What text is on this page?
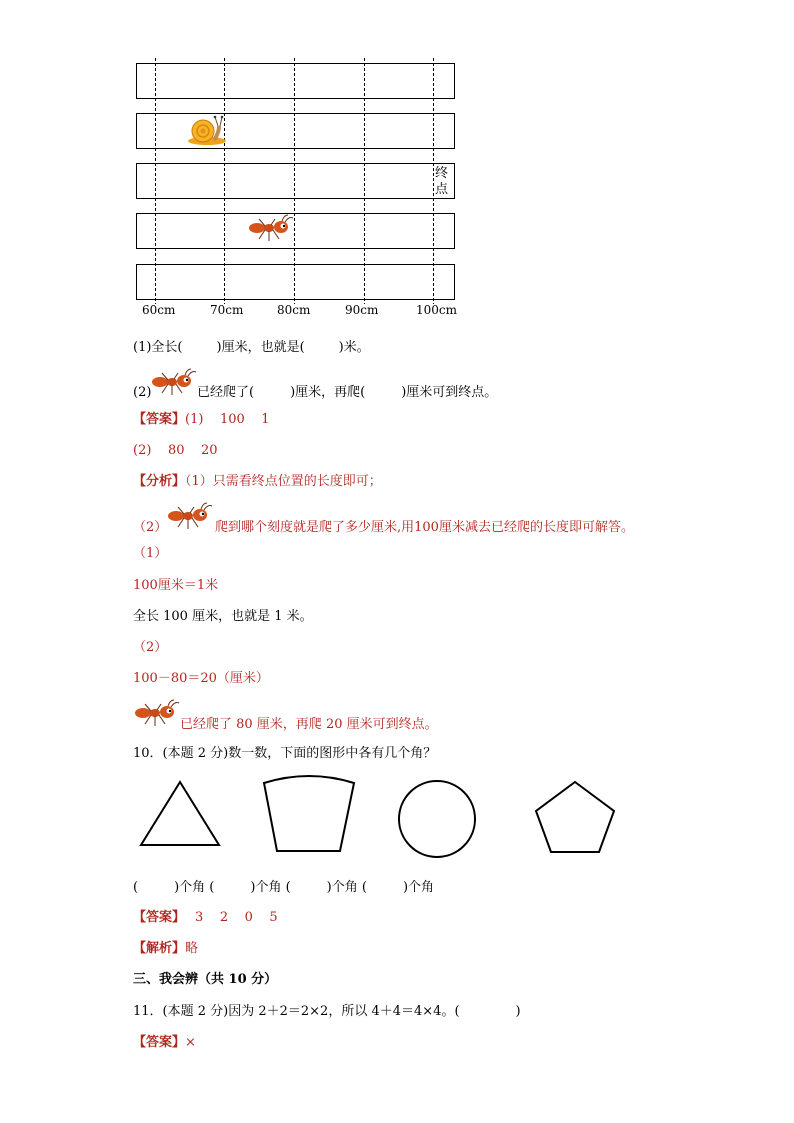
终
点
60cm	70cm	80cm	90cm	100cm
(1)全长(	)厘米，也就是(	)米。
(2)	已经爬了(	)厘米，再爬(	)厘米可到终点。
【答案】(1)    100    1
(2)    80    20
【分析】（1）只需看终点位置的长度即可；
（2）	爬到哪个刻度就是爬了多少厘米,用100厘米减去已经爬的长度即可解答。
（1）
100厘米＝1米
全长 100 厘米，也就是 1 米。
（2）
100－80＝20（厘米）
已经爬了 80 厘米，再爬 20 厘米可到终点。
10．(本题 2 分)数一数，下面的图形中各有几个角？
(	)个角 (	)个角 (	)个角 (	)个角
【答案】 3    2    0    5
【解析】略
三、我会辨（共 10 分）
11．(本题 2 分)因为 2＋2＝2×2，所以 4＋4＝4×4。(	)
【答案】×
